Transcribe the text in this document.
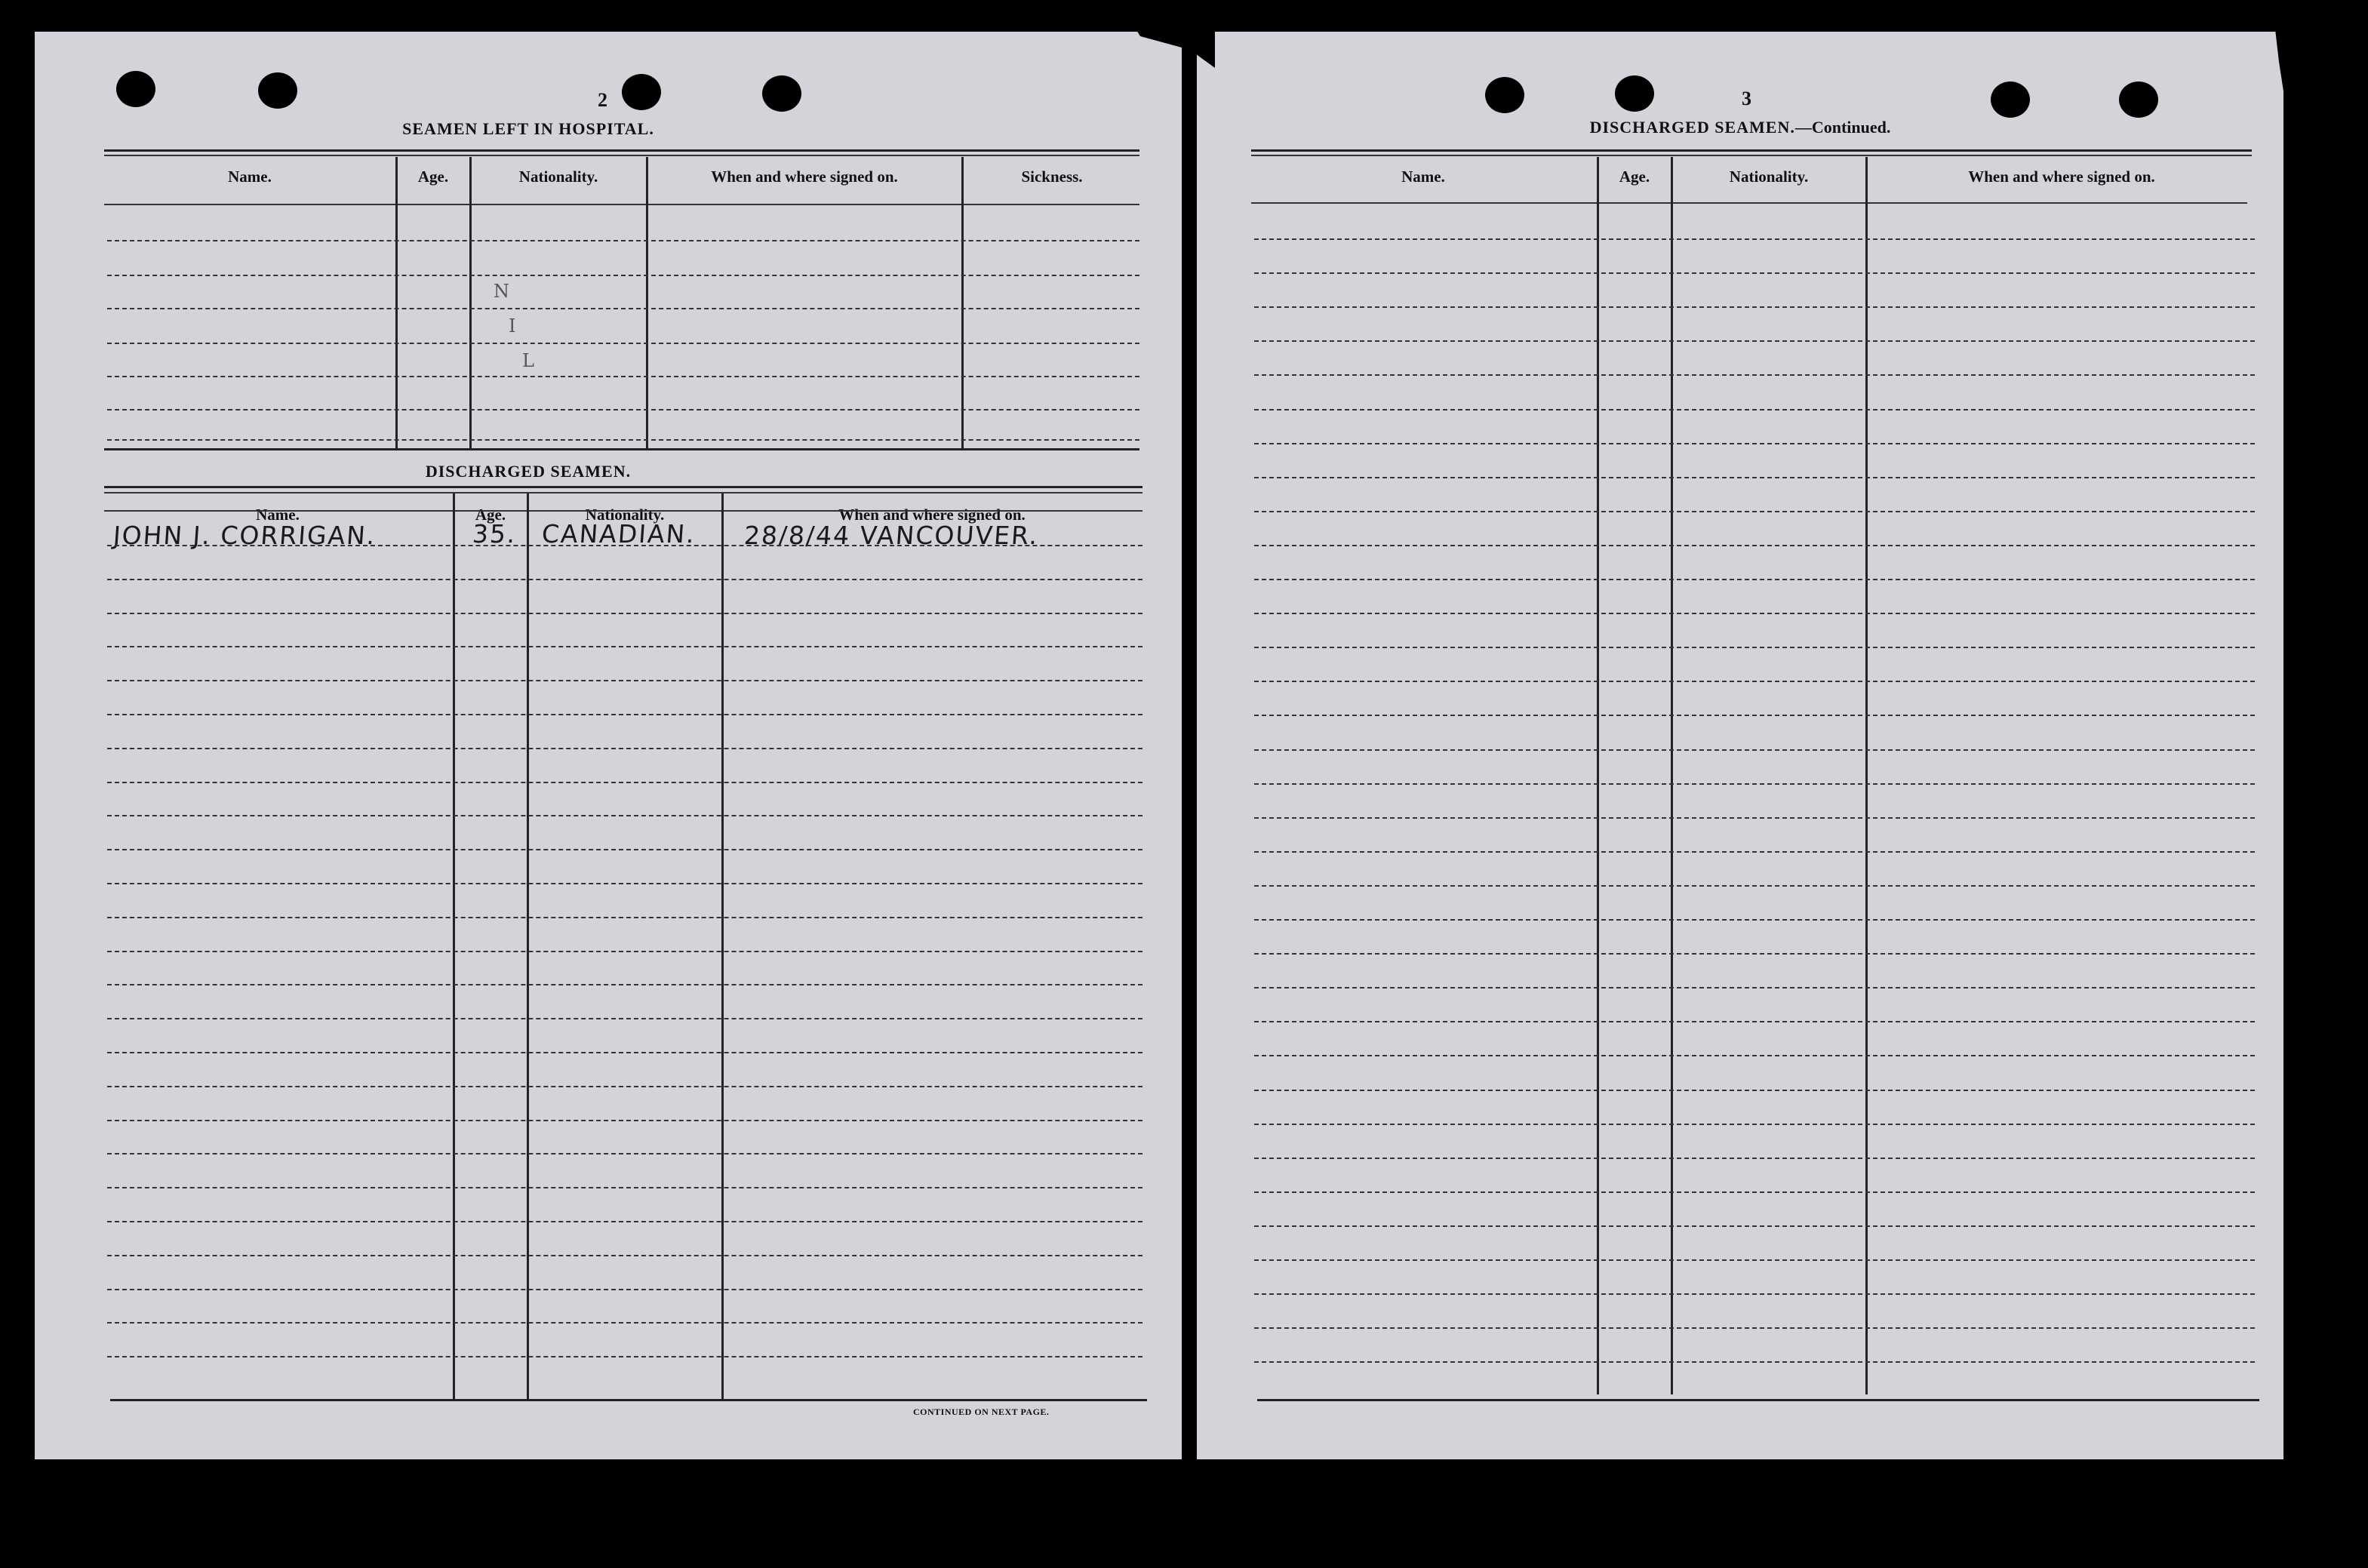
2
SEAMEN LEFT IN HOSPITAL.
Name.	Age.	Nationality.	When and where signed on.	Sickness.
N
I
L
DISCHARGED SEAMEN.
Name.	Age.	Nationality.	When and where signed on.
JOHN J. CORRIGAN.	35. CANADIAN. 28/8/44 VANCOUVER.
CONTINUED ON NEXT PAGE.
3
DISCHARGED SEAMEN.—Continued.
Name.	Age.	Nationality.	When and where signed on.
